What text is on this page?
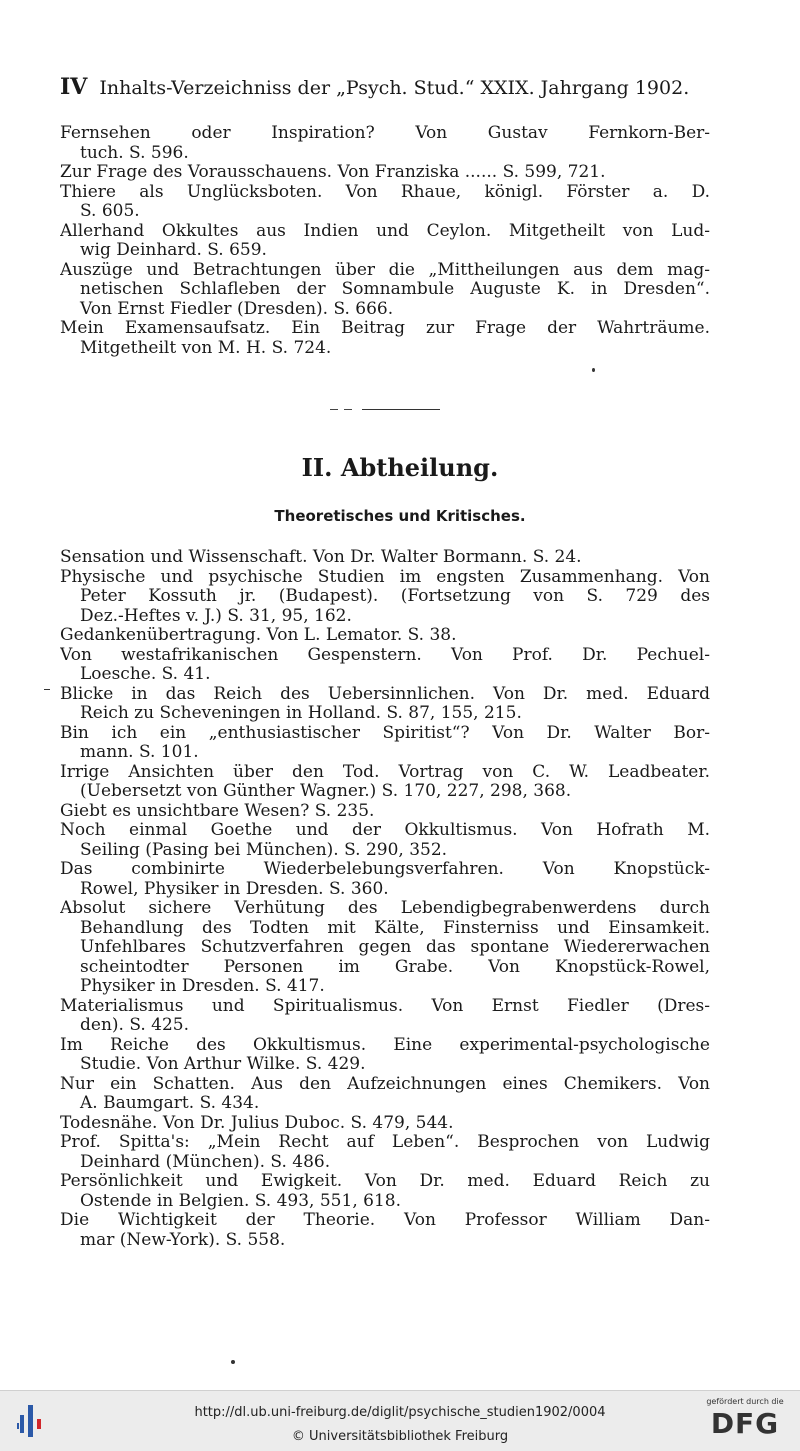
IV Inhalts-Verzeichniss der „Psych. Stud.“ XXIX. Jahrgang 1902.
Fernsehen oder Inspiration? Von Gustav Fernkorn-Ber-
tuch. S. 596.
Zur Frage des Vorausschauens. Von Franziska ...... S. 599, 721.
Thiere als Unglücksboten. Von Rhaue, königl. Förster a. D.
S. 605.
Allerhand Okkultes aus Indien und Ceylon. Mitgetheilt von Lud-
wig Deinhard. S. 659.
Auszüge und Betrachtungen über die „Mittheilungen aus dem mag-
netischen Schlafleben der Somnambule Auguste K. in Dresden“.
Von Ernst Fiedler (Dresden). S. 666.
Mein Examensaufsatz. Ein Beitrag zur Frage der Wahrträume.
Mitgetheilt von M. H. S. 724.
II. Abtheilung.
Theoretisches und Kritisches.
Sensation und Wissenschaft. Von Dr. Walter Bormann. S. 24.
Physische und psychische Studien im engsten Zusammenhang. Von
Peter Kossuth jr. (Budapest). (Fortsetzung von S. 729 des
Dez.-Heftes v. J.) S. 31, 95, 162.
Gedankenübertragung. Von L. Lemator. S. 38.
Von westafrikanischen Gespenstern. Von Prof. Dr. Pechuel-
Loesche. S. 41.
Blicke in das Reich des Uebersinnlichen. Von Dr. med. Eduard
Reich zu Scheveningen in Holland. S. 87, 155, 215.
Bin ich ein „enthusiastischer Spiritist“? Von Dr. Walter Bor-
mann. S. 101.
Irrige Ansichten über den Tod. Vortrag von C. W. Leadbeater.
(Uebersetzt von Günther Wagner.) S. 170, 227, 298, 368.
Giebt es unsichtbare Wesen? S. 235.
Noch einmal Goethe und der Okkultismus. Von Hofrath M.
Seiling (Pasing bei München). S. 290, 352.
Das combinirte Wiederbelebungsverfahren. Von Knopstück-
Rowel, Physiker in Dresden. S. 360.
Absolut sichere Verhütung des Lebendigbegrabenwerdens durch
Behandlung des Todten mit Kälte, Finsterniss und Einsamkeit.
Unfehlbares Schutzverfahren gegen das spontane Wiedererwachen
scheintodter Personen im Grabe. Von Knopstück-Rowel,
Physiker in Dresden. S. 417.
Materialismus und Spiritualismus. Von Ernst Fiedler (Dres-
den). S. 425.
Im Reiche des Okkultismus. Eine experimental-psychologische
Studie. Von Arthur Wilke. S. 429.
Nur ein Schatten. Aus den Aufzeichnungen eines Chemikers. Von
A. Baumgart. S. 434.
Todesnähe. Von Dr. Julius Duboc. S. 479, 544.
Prof. Spitta's: „Mein Recht auf Leben“. Besprochen von Ludwig
Deinhard (München). S. 486.
Persönlichkeit und Ewigkeit. Von Dr. med. Eduard Reich zu
Ostende in Belgien. S. 493, 551, 618.
Die Wichtigkeit der Theorie. Von Professor William Dan-
mar (New-York). S. 558.
http://dl.ub.uni-freiburg.de/diglit/psychische_studien1902/0004
© Universitätsbibliothek Freiburg
gefördert durch die
DFG
